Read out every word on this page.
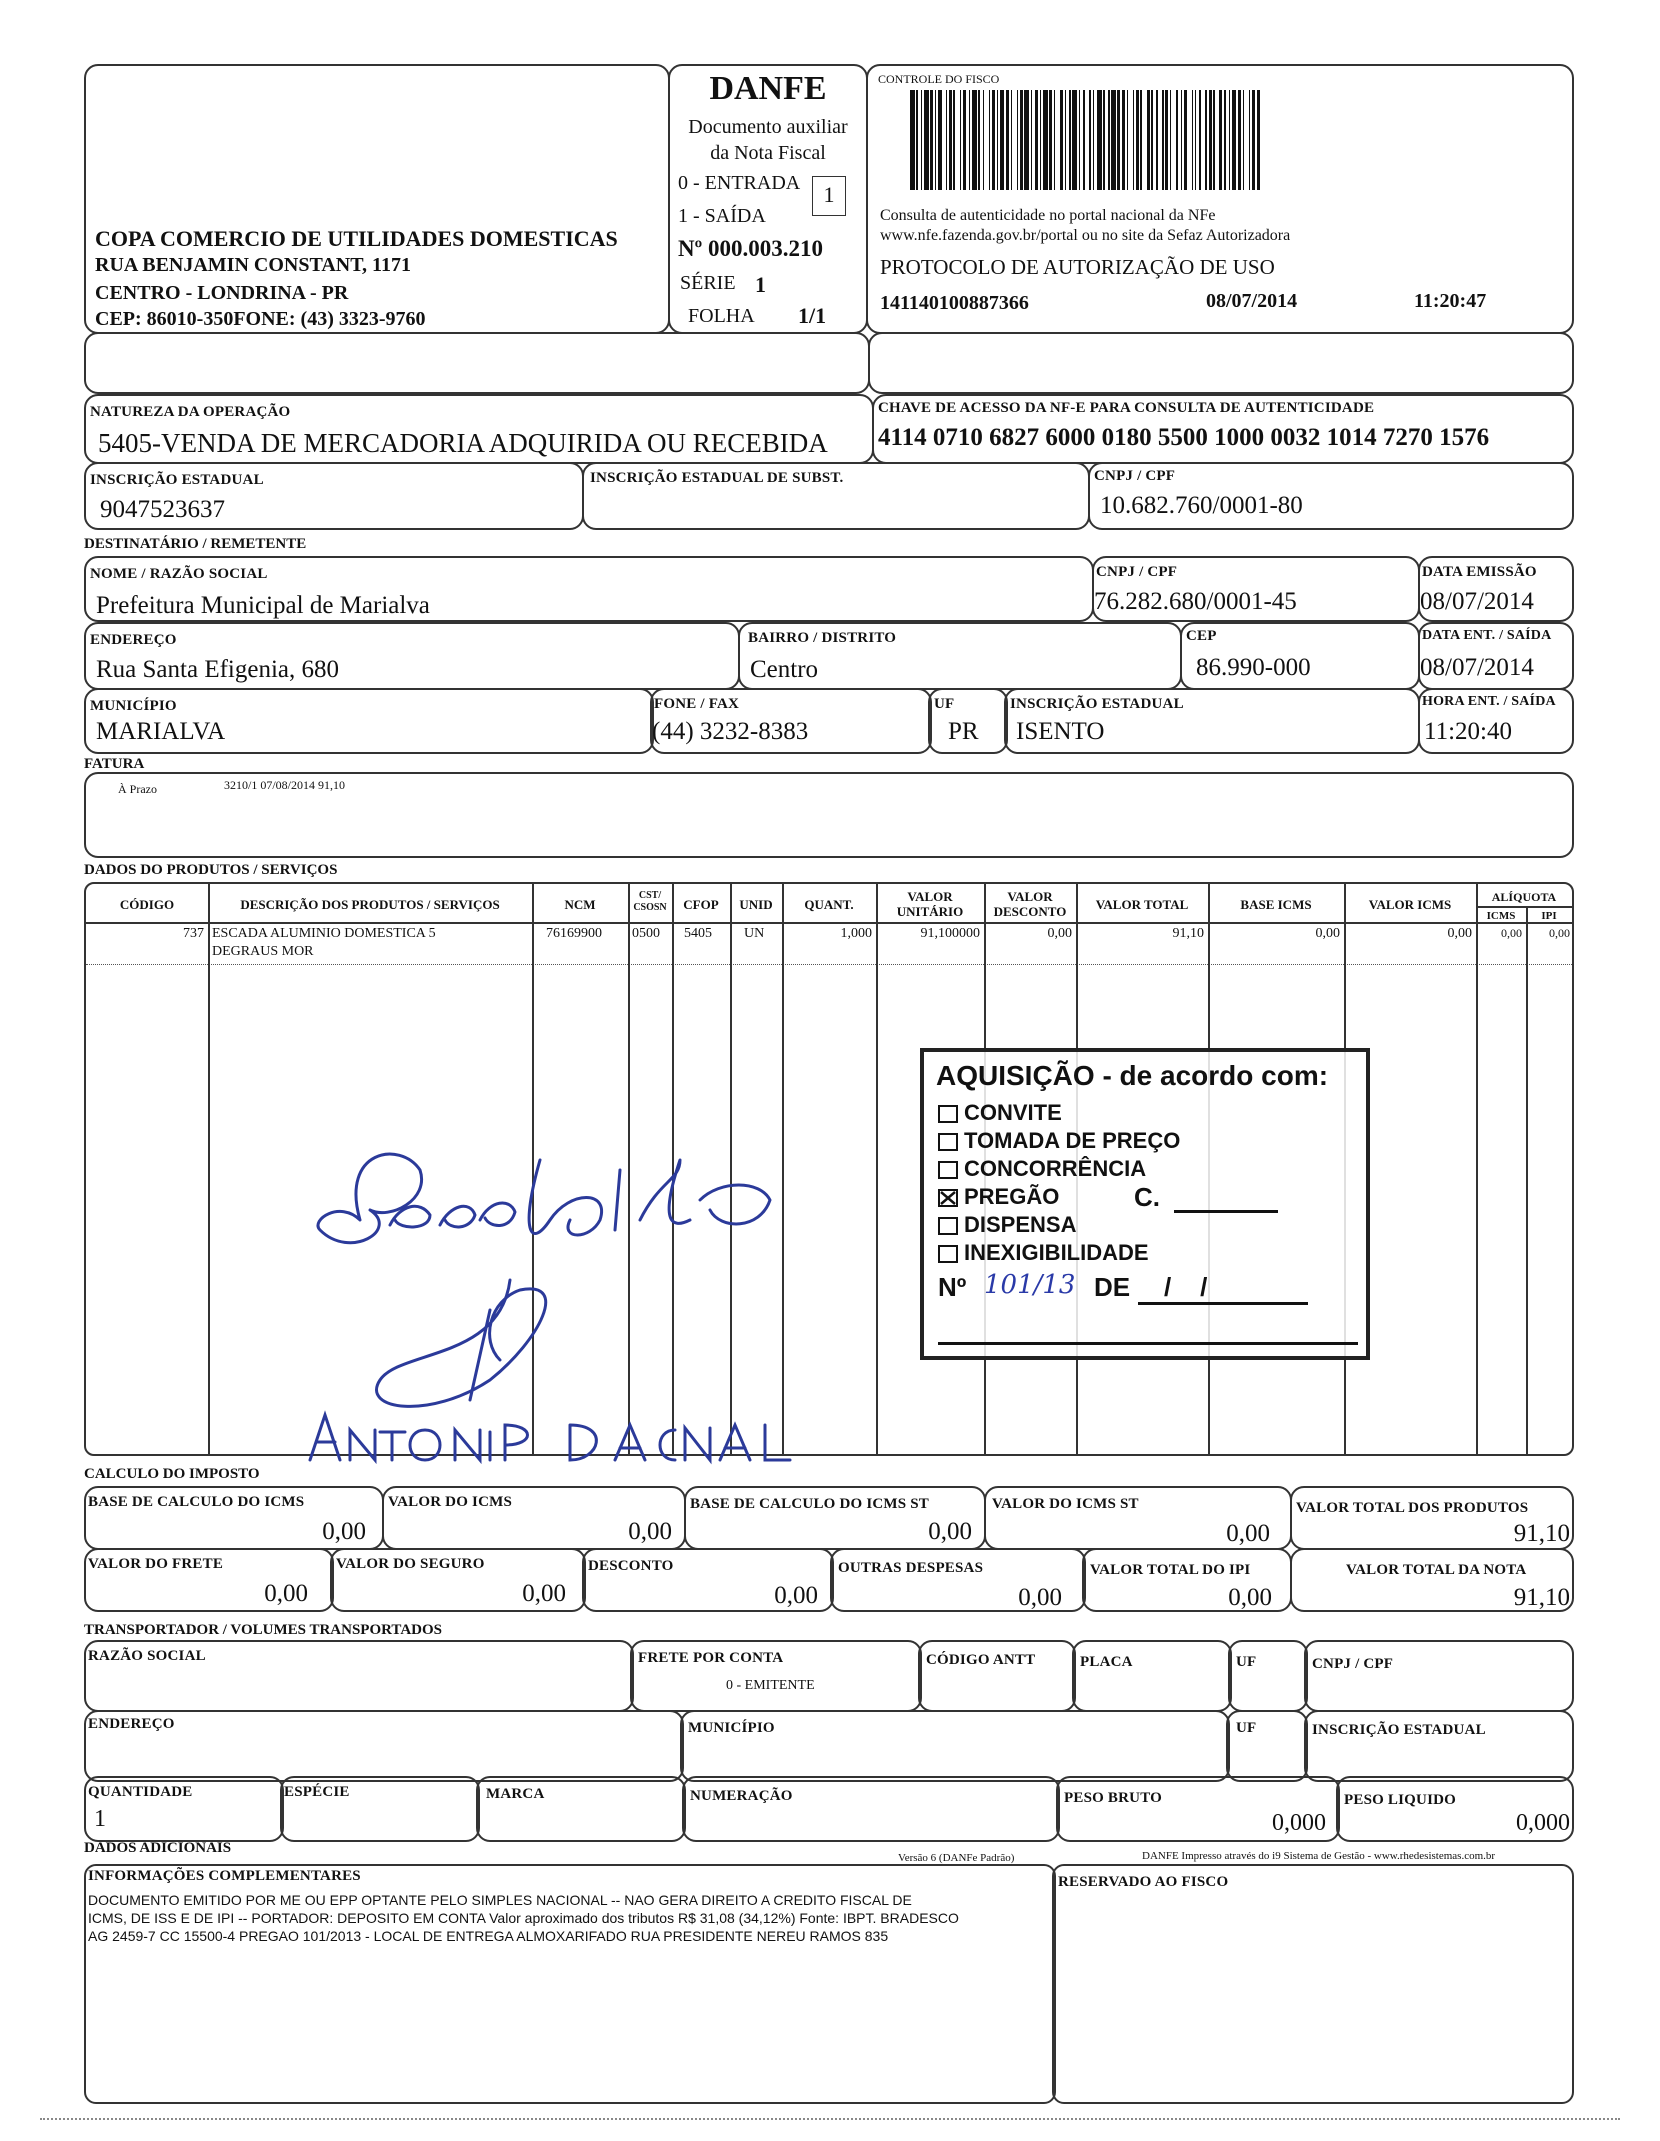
COPA COMERCIO DE UTILIDADES DOMESTICAS
RUA BENJAMIN CONSTANT, 1171
CENTRO - LONDRINA - PR
CEP: 86010-350FONE: (43) 3323-9760
DANFE
Documento auxiliar
da Nota Fiscal
0 - ENTRADA
1 - SAÍDA
1
Nº 000.003.210
SÉRIE 1
FOLHA 1/1
CONTROLE DO FISCO
Consulta de autenticidade no portal nacional da NFe
www.nfe.fazenda.gov.br/portal ou no site da Sefaz Autorizadora
PROTOCOLO DE AUTORIZAÇÃO DE USO
141140100887366	08/07/2014	11:20:47
NATUREZA DA OPERAÇÃO
5405-VENDA DE MERCADORIA ADQUIRIDA OU RECEBIDA
CHAVE DE ACESSO DA NF-E PARA CONSULTA DE AUTENTICIDADE
4114 0710 6827 6000 0180 5500 1000 0032 1014 7270 1576
INSCRIÇÃO ESTADUAL
9047523637
INSCRIÇÃO ESTADUAL DE SUBST.	CNPJ / CPF
10.682.760/0001-80
DESTINATÁRIO / REMETENTE
NOME / RAZÃO SOCIAL
Prefeitura Municipal de Marialva
CNPJ / CPF
76.282.680/0001-45
DATA EMISSÃO
08/07/2014
ENDEREÇO
Rua Santa Efigenia, 680
BAIRRO / DISTRITO
Centro
CEP
86.990-000
DATA ENT. / SAÍDA
08/07/2014
MUNICÍPIO
MARIALVA
FONE / FAX
(44) 3232-8383
UF
PR
INSCRIÇÃO ESTADUAL
ISENTO
HORA ENT. / SAÍDA
11:20:40
FATURA
À Prazo	3210/1 07/08/2014 91,10
DADOS DO PRODUTOS / SERVIÇOS
CÓDIGO	DESCRIÇÃO DOS PRODUTOS / SERVIÇOS	NCM
CST/
CSOSN	CFOP	UNID	QUANT.
VALOR
UNITÁRIO
VALOR
DESCONTO	VALOR TOTAL	BASE ICMS	VALOR ICMS	ALÍQUOTA
ICMS	IPI
737 ESCADA ALUMINIO DOMESTICA 5
DEGRAUS MOR
76169900 0500 5405 UN	1,000	91,100000	0,00	91,10	0,00	0,00	0,00	0,00
AQUISIÇÃO - de acordo com:
CONVITE
TOMADA DE PREÇO
CONCORRÊNCIA
PREGÃO
DISPENSA
INEXIGIBILIDADE
C.
Nº 101/13 DE /    /
CALCULO DO IMPOSTO
BASE DE CALCULO DO ICMS
0,00
VALOR DO ICMS
0,00
BASE DE CALCULO DO ICMS ST
0,00
VALOR DO ICMS ST
0,00
VALOR TOTAL DOS PRODUTOS
91,10
VALOR DO FRETE
0,00
VALOR DO SEGURO
0,00
DESCONTO
0,00
OUTRAS DESPESAS
0,00
VALOR TOTAL DO IPI
0,00
VALOR TOTAL DA NOTA
91,10
TRANSPORTADOR / VOLUMES TRANSPORTADOS
RAZÃO SOCIAL	FRETE POR CONTA
0 - EMITENTE
CÓDIGO ANTT	PLACA	UF	CNPJ / CPF
ENDEREÇO	MUNICÍPIO	UF	INSCRIÇÃO ESTADUAL
QUANTIDADE
1
ESPÉCIE	MARCA	NUMERAÇÃO	PESO BRUTO
0,000
PESO LIQUIDO
0,000
DADOS ADICIONAIS
Versão 6 (DANFe Padrão)	DANFE Impresso através do i9 Sistema de Gestão - www.rhedesistemas.com.br
INFORMAÇÕES COMPLEMENTARES
DOCUMENTO EMITIDO POR ME OU EPP OPTANTE PELO SIMPLES NACIONAL -- NAO GERA DIREITO A CREDITO FISCAL DE
ICMS, DE ISS E DE IPI -- PORTADOR: DEPOSITO EM CONTA Valor aproximado dos tributos R$ 31,08 (34,12%) Fonte: IBPT. BRADESCO
AG 2459-7 CC 15500-4 PREGAO 101/2013 - LOCAL DE ENTREGA ALMOXARIFADO RUA PRESIDENTE NEREU RAMOS 835
RESERVADO AO FISCO
